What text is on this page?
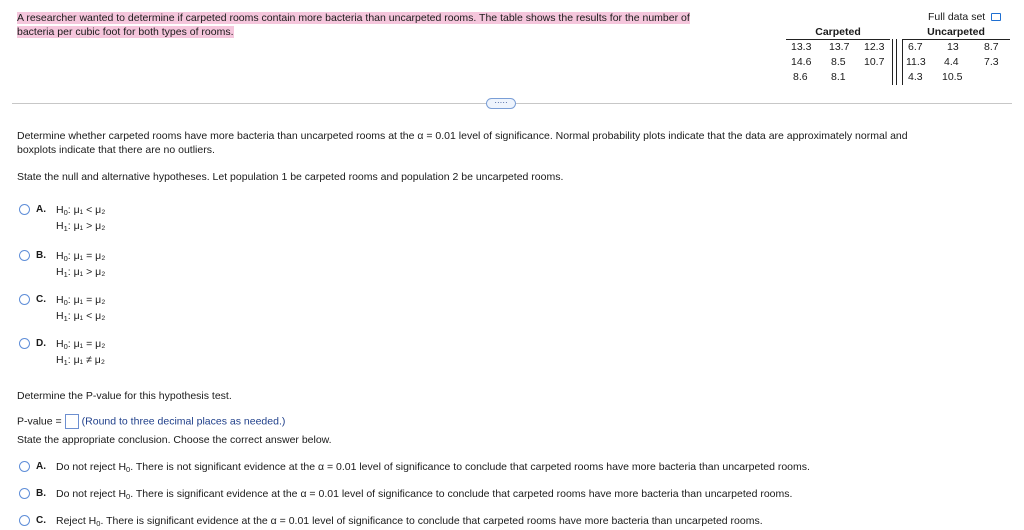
A researcher wanted to determine if carpeted rooms contain more bacteria than uncarpeted rooms. The table shows the results for the number of
bacteria per cubic foot for both types of rooms.
Full data set
Carpeted	Uncarpeted
13.3 13.7 12.3
14.6 8.5 10.7
8.6 8.1
6.7 13 8.7
11.3 4.4 7.3
4.3 10.5
·····
Determine whether carpeted rooms have more bacteria than uncarpeted rooms at the α = 0.01 level of significance. Normal probability plots indicate that the data are approximately normal and
boxplots indicate that there are no outliers.
State the null and alternative hypotheses. Let population 1 be carpeted rooms and population 2 be uncarpeted rooms.
A. $H_0$: μ₁ < μ₂
$H_1$: μ₁ > μ₂
B. $H_0$: μ₁ = μ₂
$H_1$: μ₁ > μ₂
C. $H_0$: μ₁ = μ₂
$H_1$: μ₁ < μ₂
D. $H_0$: μ₁ = μ₂
$H_1$: μ₁ ≠ μ₂
Determine the P-value for this hypothesis test.
P-value = (Round to three decimal places as needed.)
State the appropriate conclusion. Choose the correct answer below.
A. Do not reject $H_0$. There is not significant evidence at the α = 0.01 level of significance to conclude that carpeted rooms have more bacteria than uncarpeted rooms.
B. Do not reject $H_0$. There is significant evidence at the α = 0.01 level of significance to conclude that carpeted rooms have more bacteria than uncarpeted rooms.
C. Reject $H_0$. There is significant evidence at the α = 0.01 level of significance to conclude that carpeted rooms have more bacteria than uncarpeted rooms.
